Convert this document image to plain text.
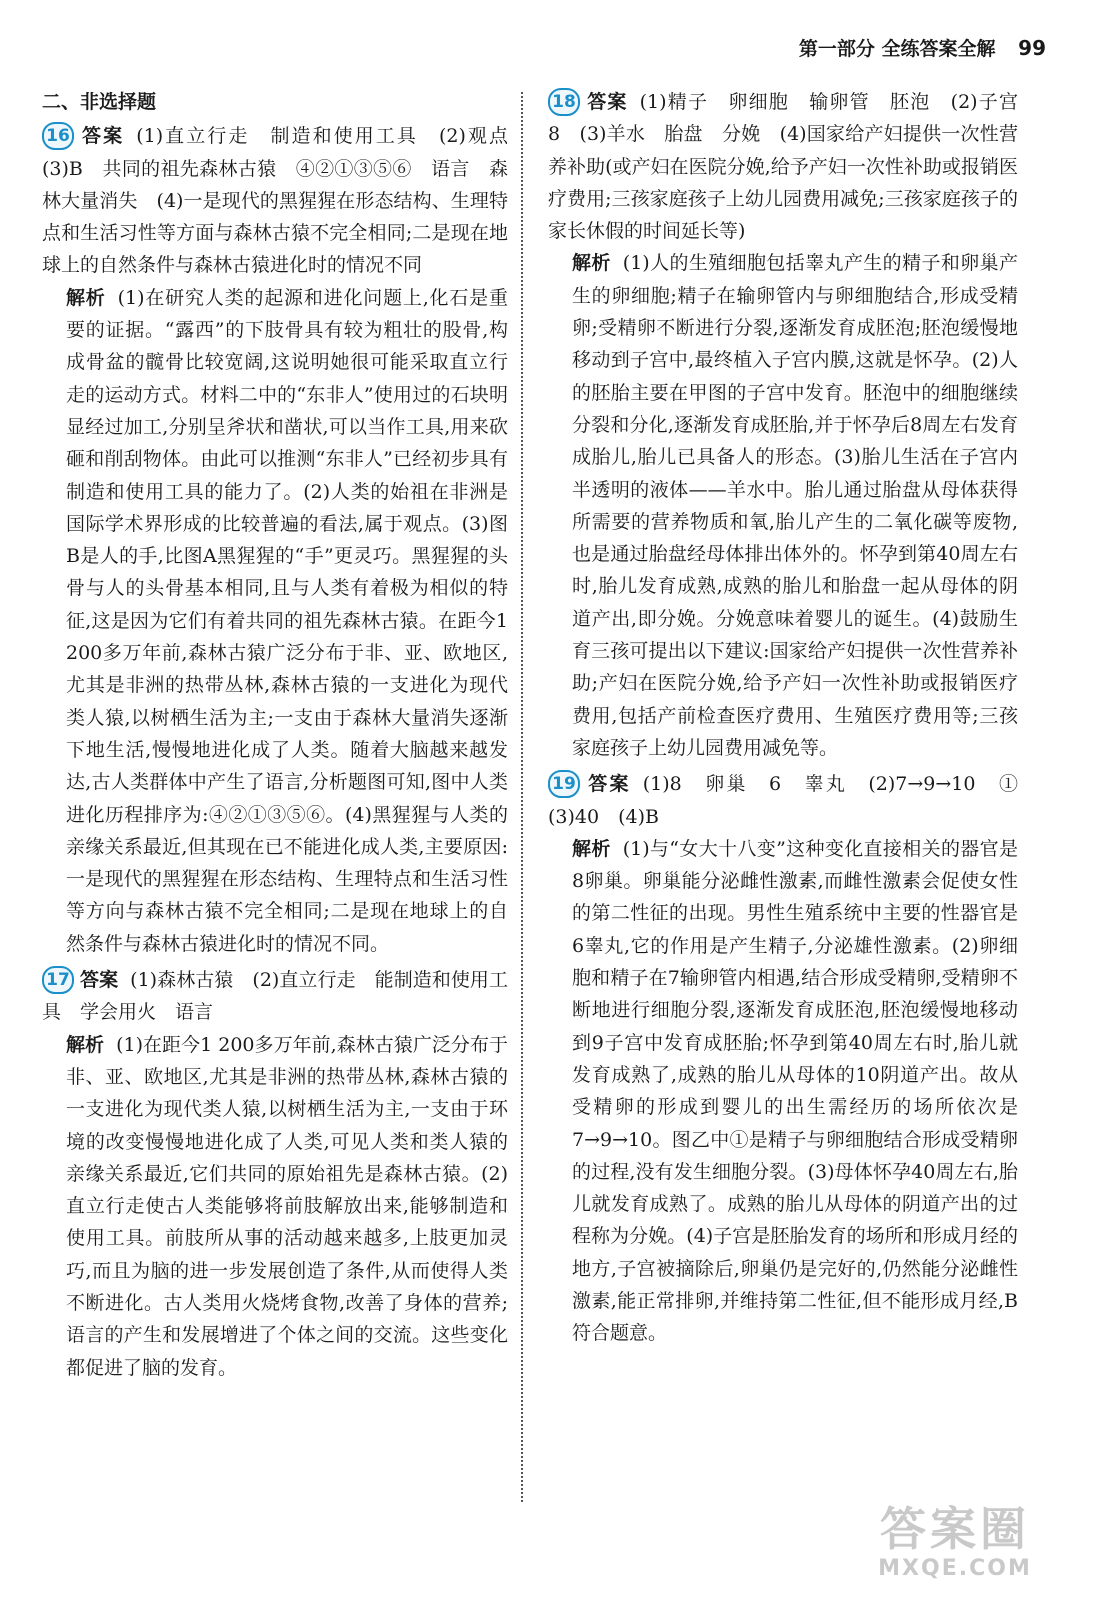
第一部分 全练答案全解 99
二、非选择题

16 答案 (1)直立行走　制造和使用工具　(2)观点　(3)B　共同的祖先森林古猿　④②①③⑤⑥　语言　森林大量消失　(4)一是现代的黑猩猩在形态结构、生理特点和生活习性等方面与森林古猿不完全相同;二是现在地球上的自然条件与森林古猿进化时的情况不同

解析 (1)在研究人类的起源和进化问题上,化石是重要的证据。“露西”的下肢骨具有较为粗壮的股骨,构成骨盆的髋骨比较宽阔,这说明她很可能采取直立行走的运动方式。材料二中的“东非人”使用过的石块明显经过加工,分别呈斧状和凿状,可以当作工具,用来砍砸和削刮物体。由此可以推测“东非人”已经初步具有制造和使用工具的能力了。(2)人类的始祖在非洲是国际学术界形成的比较普遍的看法,属于观点。(3)图B是人的手,比图A黑猩猩的“手”更灵巧。黑猩猩的头骨与人的头骨基本相同,且与人类有着极为相似的特征,这是因为它们有着共同的祖先森林古猿。在距今1 200多万年前,森林古猿广泛分布于非、亚、欧地区,尤其是非洲的热带丛林,森林古猿的一支进化为现代类人猿,以树栖生活为主;一支由于森林大量消失逐渐下地生活,慢慢地进化成了人类。随着大脑越来越发达,古人类群体中产生了语言,分析题图可知,图中人类进化历程排序为:④②①③⑤⑥。(4)黑猩猩与人类的亲缘关系最近,但其现在已不能进化成人类,主要原因:一是现代的黑猩猩在形态结构、生理特点和生活习性等方向与森林古猿不完全相同;二是现在地球上的自然条件与森林古猿进化时的情况不同。

17 答案 (1)森林古猿　(2)直立行走　能制造和使用工具　学会用火　语言

解析 (1)在距今1 200多万年前,森林古猿广泛分布于非、亚、欧地区,尤其是非洲的热带丛林,森林古猿的一支进化为现代类人猿,以树栖生活为主,一支由于环境的改变慢慢地进化成了人类,可见人类和类人猿的亲缘关系最近,它们共同的原始祖先是森林古猿。(2)直立行走使古人类能够将前肢解放出来,能够制造和使用工具。前肢所从事的活动越来越多,上肢更加灵巧,而且为脑的进一步发展创造了条件,从而使得人类不断进化。古人类用火烧烤食物,改善了身体的营养;语言的产生和发展增进了个体之间的交流。这些变化都促进了脑的发育。

18 答案 (1)精子　卵细胞　输卵管　胚泡　(2)子宫　8　(3)羊水　胎盘　分娩　(4)国家给产妇提供一次性营养补助(或产妇在医院分娩,给予产妇一次性补助或报销医疗费用;三孩家庭孩子上幼儿园费用减免;三孩家庭孩子的家长休假的时间延长等)

解析 (1)人的生殖细胞包括睾丸产生的精子和卵巢产生的卵细胞;精子在输卵管内与卵细胞结合,形成受精卵;受精卵不断进行分裂,逐渐发育成胚泡;胚泡缓慢地移动到子宫中,最终植入子宫内膜,这就是怀孕。(2)人的胚胎主要在甲图的子宫中发育。胚泡中的细胞继续分裂和分化,逐渐发育成胚胎,并于怀孕后8周左右发育成胎儿,胎儿已具备人的形态。(3)胎儿生活在子宫内半透明的液体——羊水中。胎儿通过胎盘从母体获得所需要的营养物质和氧,胎儿产生的二氧化碳等废物,也是通过胎盘经母体排出体外的。怀孕到第40周左右时,胎儿发育成熟,成熟的胎儿和胎盘一起从母体的阴道产出,即分娩。分娩意味着婴儿的诞生。(4)鼓励生育三孩可提出以下建议:国家给产妇提供一次性营养补助;产妇在医院分娩,给予产妇一次性补助或报销医疗费用,包括产前检查医疗费用、生殖医疗费用等;三孩家庭孩子上幼儿园费用减免等。

19 答案 (1)8　卵巢　6　睾丸　(2)7→9→10　①　(3)40　(4)B

解析 (1)与“女大十八变”这种变化直接相关的器官是8卵巢。卵巢能分泌雌性激素,而雌性激素会促使女性的第二性征的出现。男性生殖系统中主要的性器官是6睾丸,它的作用是产生精子,分泌雄性激素。(2)卵细胞和精子在7输卵管内相遇,结合形成受精卵,受精卵不断地进行细胞分裂,逐渐发育成胚泡,胚泡缓慢地移动到9子宫中发育成胚胎;怀孕到第40周左右时,胎儿就发育成熟了,成熟的胎儿从母体的10阴道产出。故从受精卵的形成到婴儿的出生需经历的场所依次是7→9→10。图乙中①是精子与卵细胞结合形成受精卵的过程,没有发生细胞分裂。(3)母体怀孕40周左右,胎儿就发育成熟了。成熟的胎儿从母体的阴道产出的过程称为分娩。(4)子宫是胚胎发育的场所和形成月经的地方,子宫被摘除后,卵巢仍是完好的,仍然能分泌雌性激素,能正常排卵,并维持第二性征,但不能形成月经,B符合题意。

答案圈
MXQE.COM
